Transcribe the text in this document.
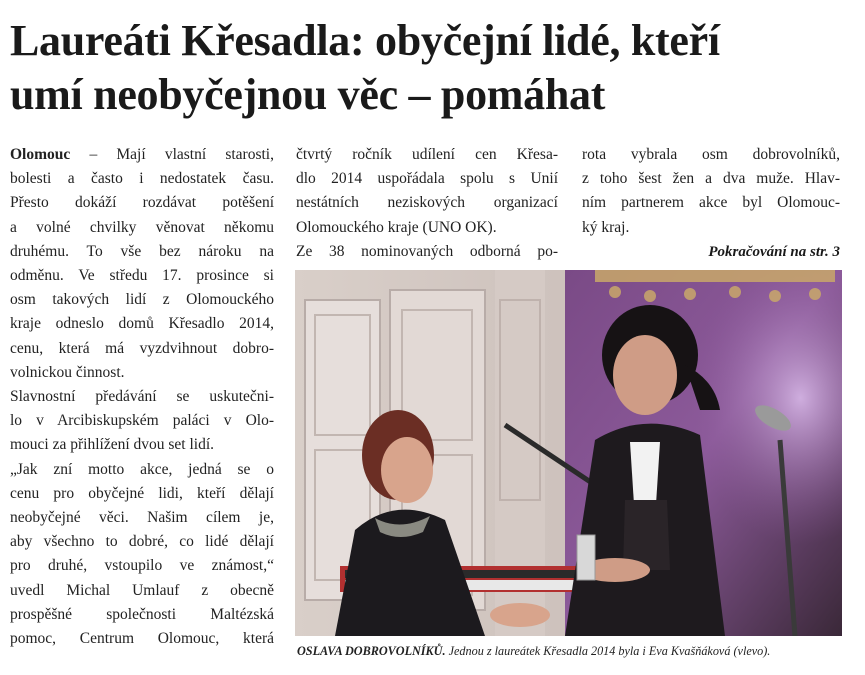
Laureáti Křesadla: obyčejní lidé, kteří
umí neobyčejnou věc – pomáhat

Olomouc – Mají vlastní starosti,

bolesti a často i nedostatek času.

Přesto dokáží rozdávat potěšení

a volné chvilky věnovat někomu

druhému. To vše bez nároku na

odměnu. Ve středu 17. prosince si

osm takových lidí z Olomouckého

kraje odneslo domů Křesadlo 2014,

cenu, která má vyzdvihnout dobro-

volnickou činnost.

Slavnostní předávání se uskutečni-

lo v Arcibiskupském paláci v Olo-

mouci za přihlížení dvou set lidí.

„Jak zní motto akce, jedná se o

cenu pro obyčejné lidi, kteří dělají

neobyčejné věci. Našim cílem je,

aby všechno to dobré, co lidé dělají

pro druhé, vstoupilo ve známost,“

uvedl Michal Umlauf z obecně

prospěšné společnosti Maltézská

pomoc, Centrum Olomouc, která

čtvrtý ročník udílení cen Křesa-

dlo 2014 uspořádala spolu s Unií

nestátních neziskových organizací

Olomouckého kraje (UNO OK).

Ze 38 nominovaných odborná po-

rota vybrala osm dobrovolníků,

z toho šest žen a dva muže. Hlav-

ním partnerem akce byl Olomouc-

ký kraj.

Pokračování na str. 3
OSLAVA DOBROVOLNÍKŮ. Jednou z laureátek Křesadla 2014 byla i Eva Kvašňáková (vlevo).
